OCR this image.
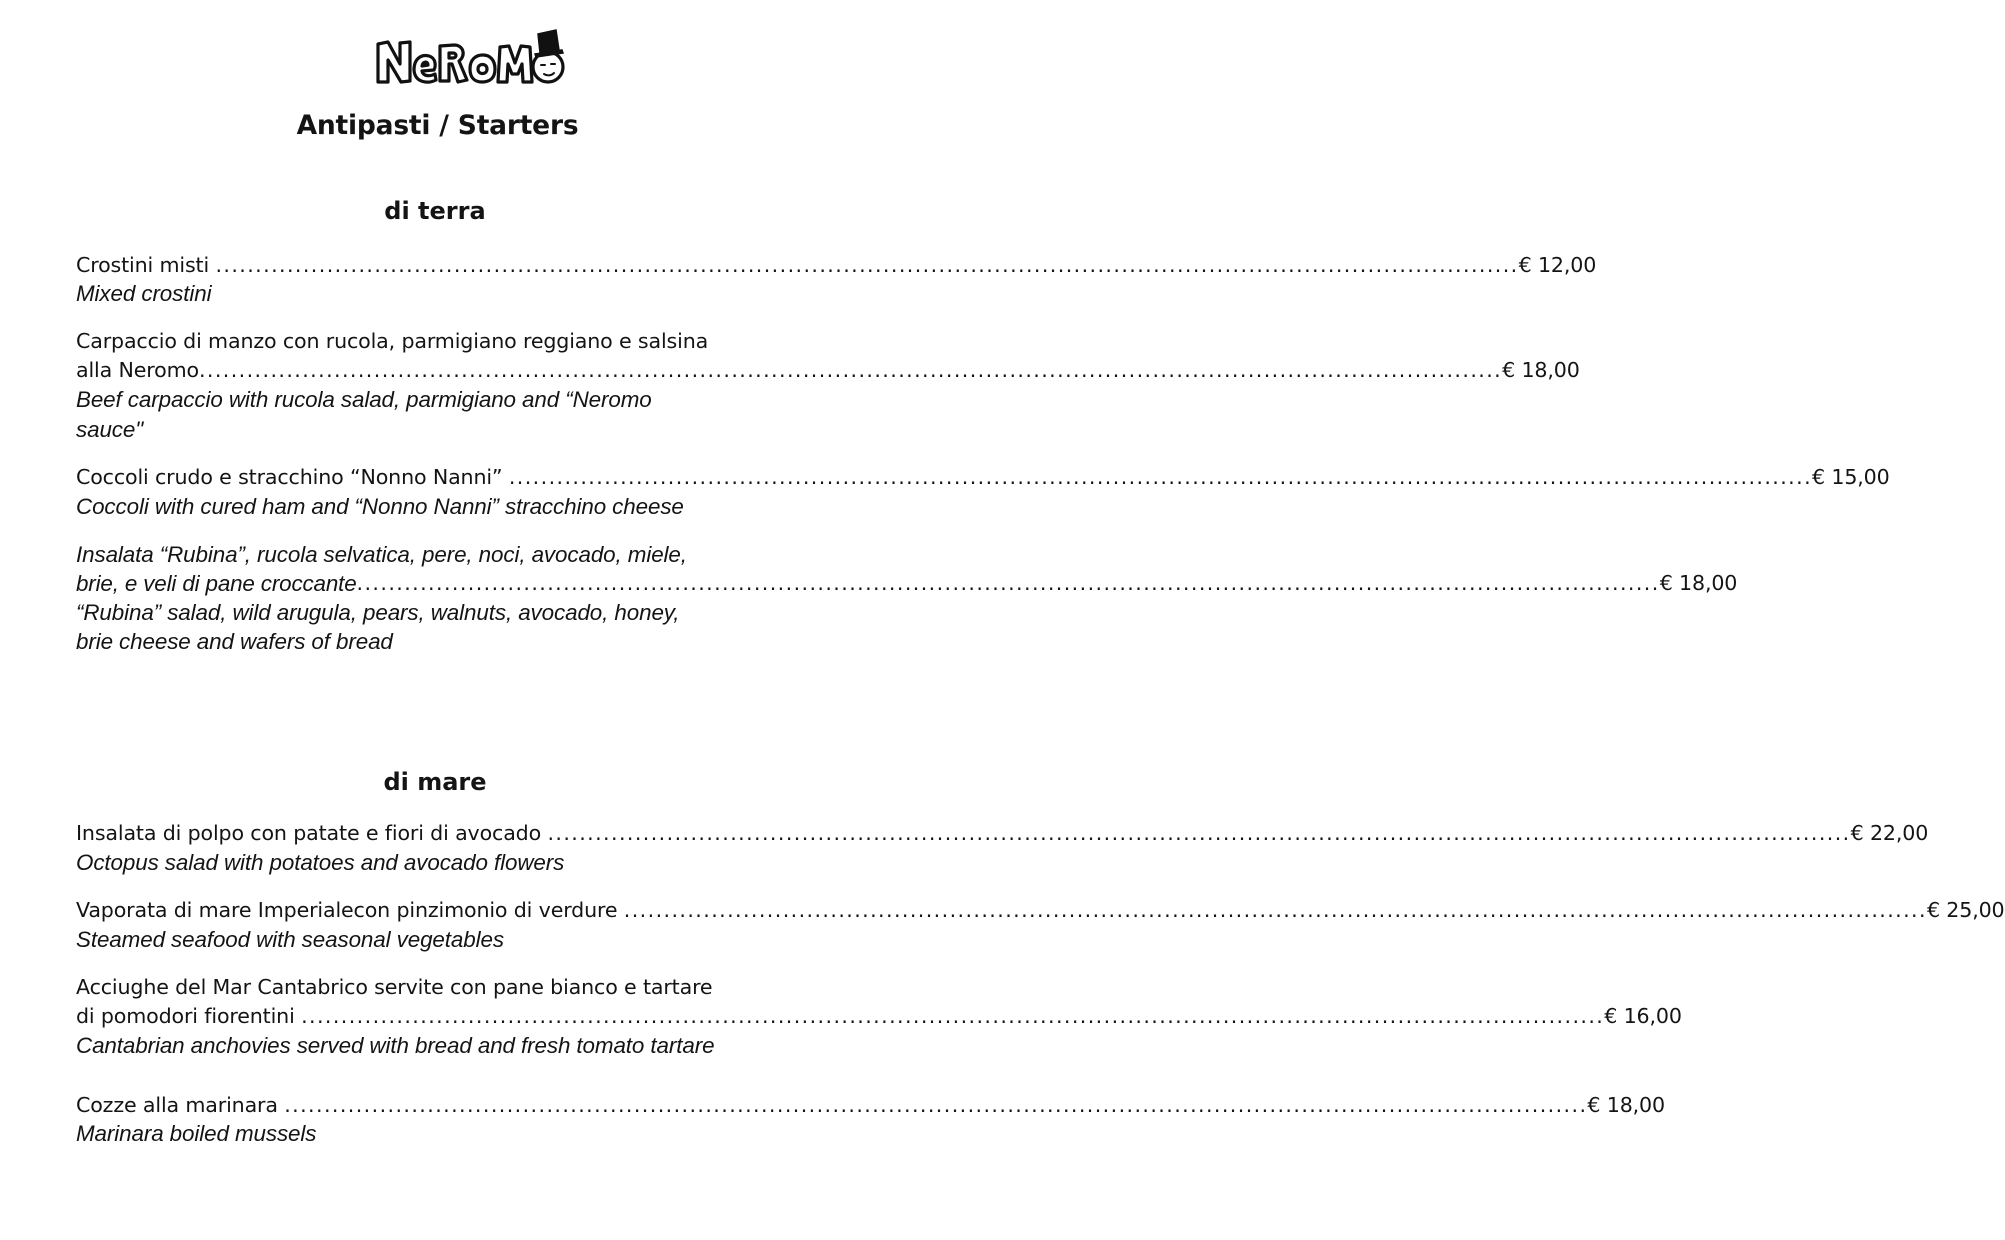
Antipasti / Starters
di terra
Crostini misti .................................................................................................................................................................... € 12,00
Mixed crostini
Carpaccio di manzo con rucola, parmigiano reggiano e salsina
alla Neromo .................................................................................................................................................................... € 18,00
Beef carpaccio with rucola salad, parmigiano and “Neromo
sauce"
Coccoli crudo e stracchino “Nonno Nanni” .................................................................................................................................................................... € 15,00
Coccoli with cured ham and “Nonno Nanni” stracchino cheese
Insalata “Rubina”, rucola selvatica, pere, noci, avocado, miele,
brie, e veli di pane croccante .................................................................................................................................................................... € 18,00
“Rubina” salad, wild arugula, pears, walnuts, avocado, honey,
brie cheese and wafers of bread
di mare
Insalata di polpo con patate e fiori di avocado .................................................................................................................................................................... € 22,00
Octopus salad with potatoes and avocado flowers
Vaporata di mare Imperialecon pinzimonio di verdure .................................................................................................................................................................... € 25,00
Steamed seafood with seasonal vegetables
Acciughe del Mar Cantabrico servite con pane bianco e tartare
di pomodori fiorentini .................................................................................................................................................................... € 16,00
Cantabrian anchovies served with bread and fresh tomato tartare
Cozze alla marinara .................................................................................................................................................................... € 18,00
Marinara boiled mussels
